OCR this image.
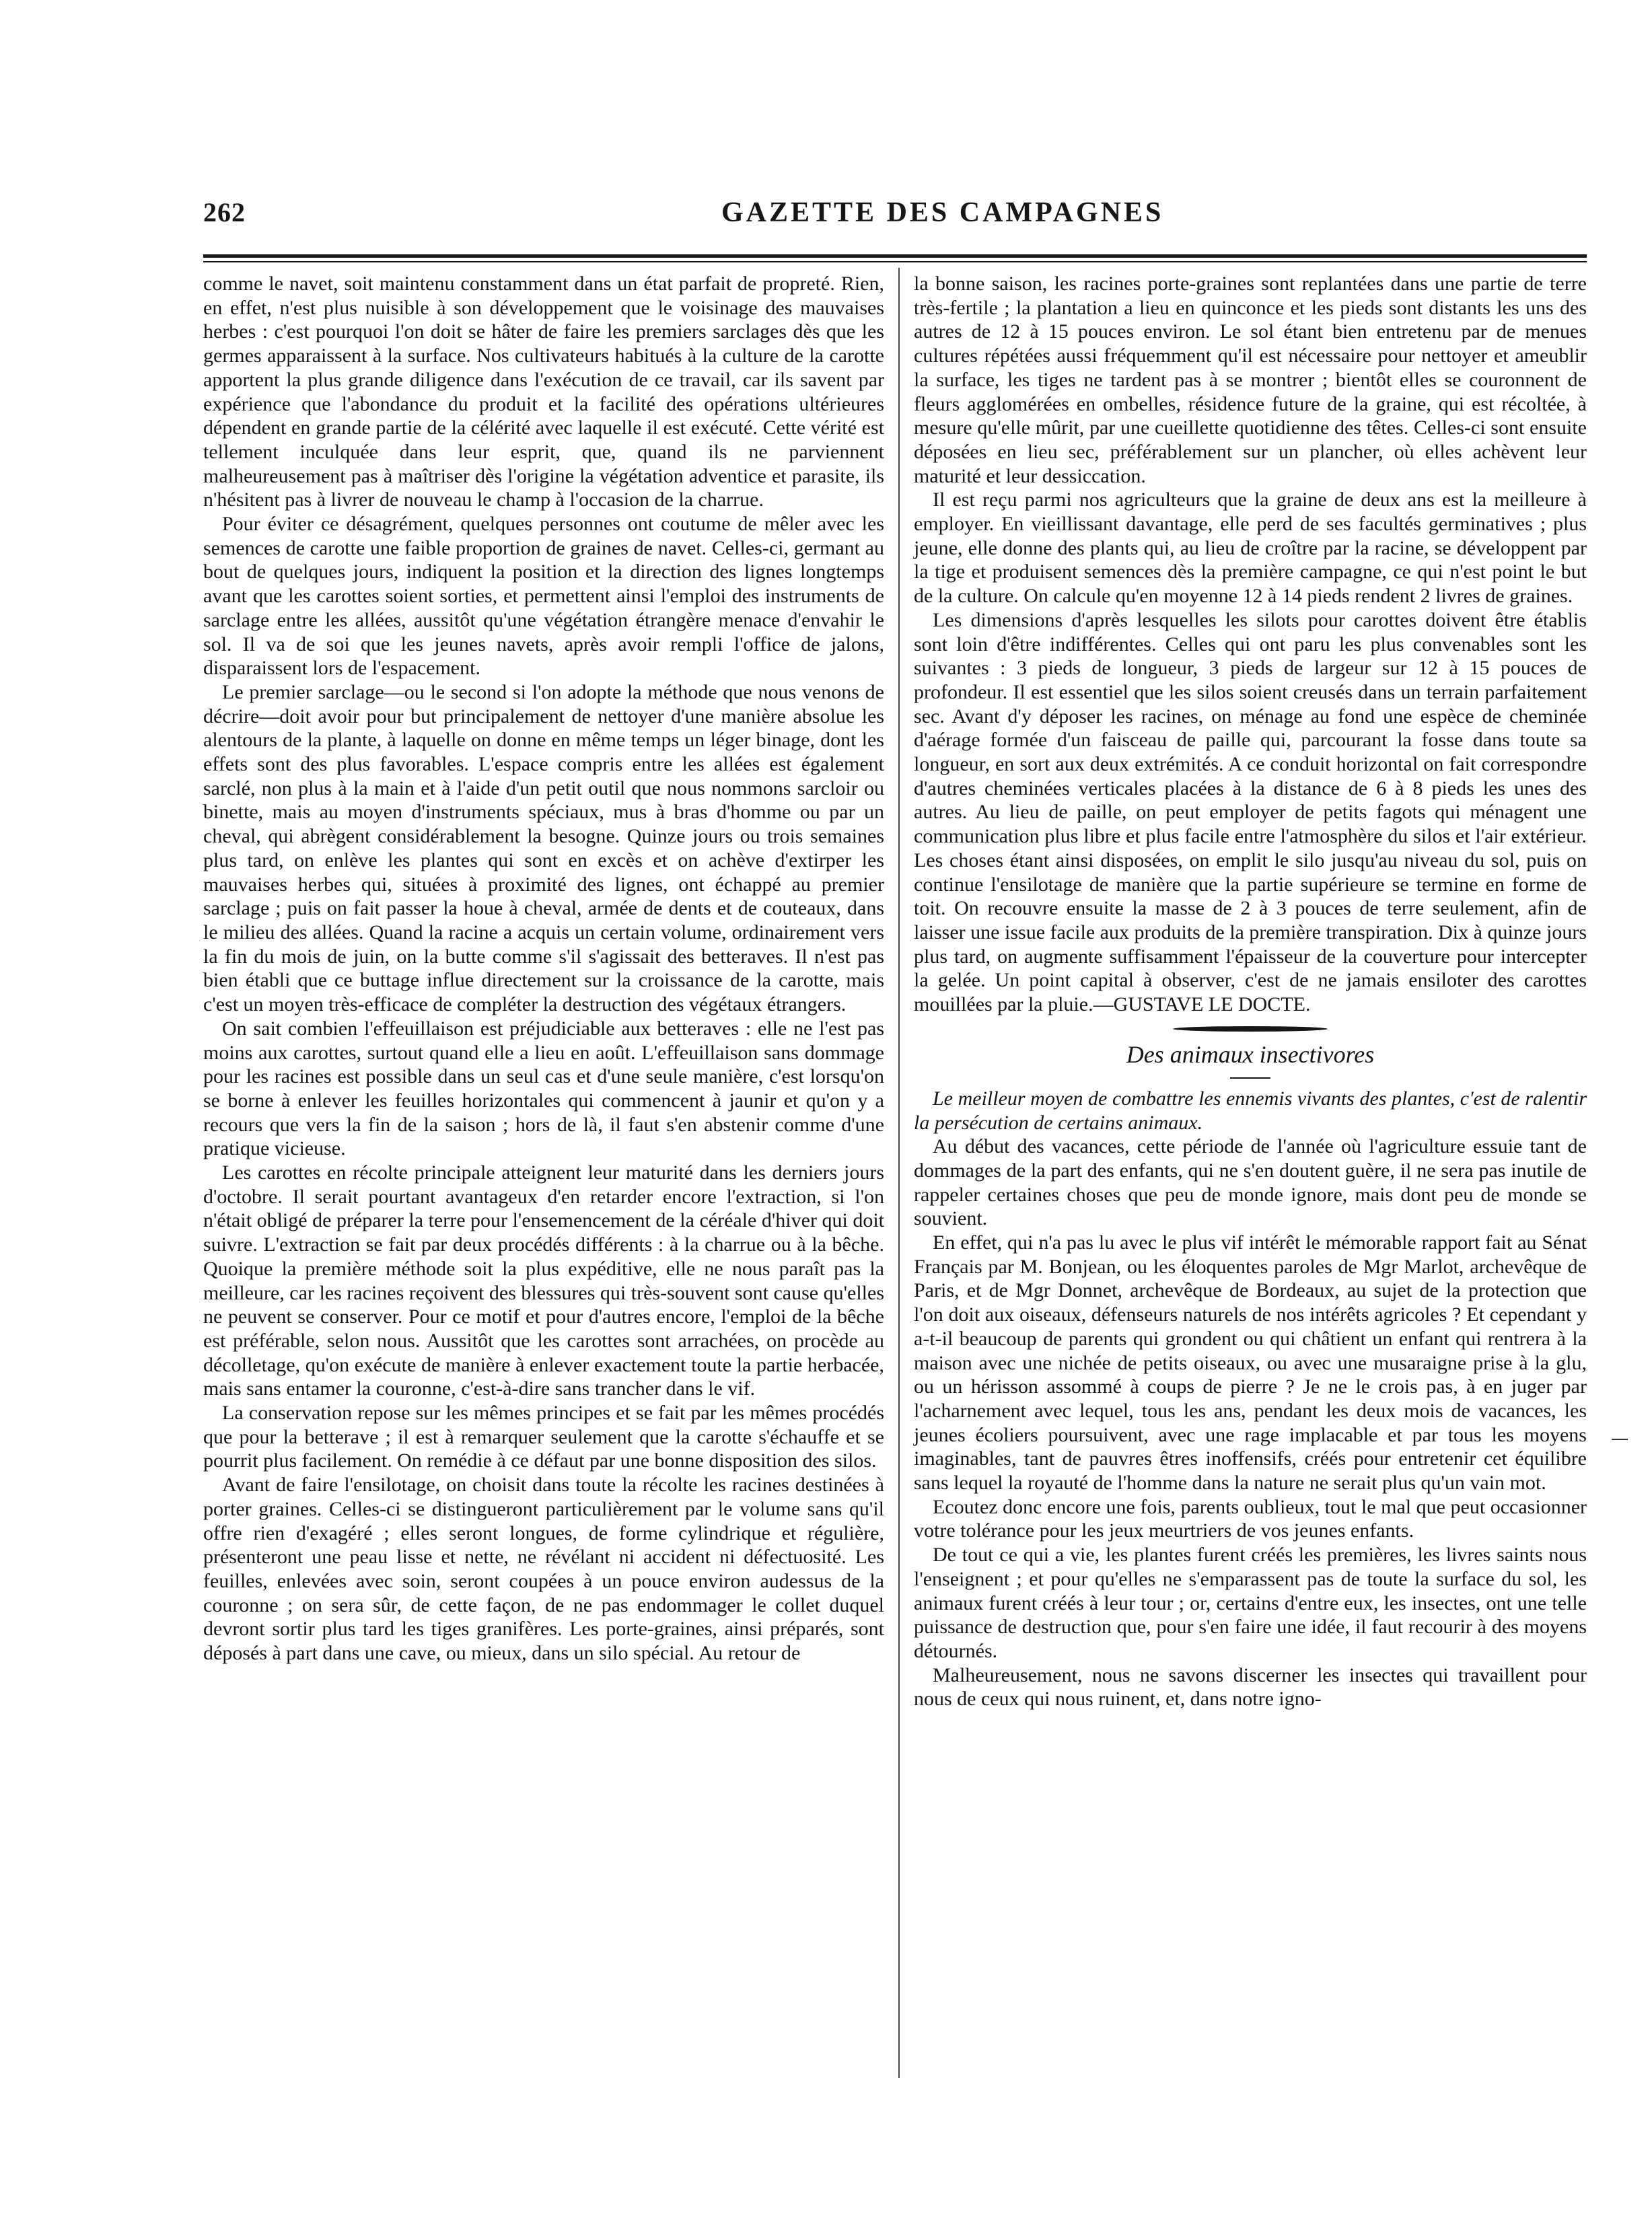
262	GAZETTE DES CAMPAGNES

comme le navet, soit maintenu constamment dans un état parfait de propreté. Rien, en effet, n'est plus nuisible à son développement que le voisinage des mauvaises herbes : c'est pourquoi l'on doit se hâter de faire les premiers sarclages dès que les germes apparaissent à la surface. Nos cultivateurs habitués à la culture de la carotte apportent la plus grande diligence dans l'exécution de ce travail, car ils savent par expérience que l'abondance du produit et la facilité des opérations ultérieures dépendent en grande partie de la célérité avec laquelle il est exécuté. Cette vérité est tellement inculquée dans leur esprit, que, quand ils ne parviennent malheureusement pas à maîtriser dès l'origine la végétation adventice et parasite, ils n'hésitent pas à livrer de nouveau le champ à l'occasion de la charrue.

Pour éviter ce désagrément, quelques personnes ont coutume de mêler avec les semences de carotte une faible proportion de graines de navet. Celles-ci, germant au bout de quelques jours, indiquent la position et la direction des lignes longtemps avant que les carottes soient sorties, et permettent ainsi l'emploi des instruments de sarclage entre les allées, aussitôt qu'une végétation étrangère menace d'envahir le sol. Il va de soi que les jeunes navets, après avoir rempli l'office de jalons, disparaissent lors de l'espacement.

Le premier sarclage—ou le second si l'on adopte la méthode que nous venons de décrire—doit avoir pour but principalement de nettoyer d'une manière absolue les alentours de la plante, à laquelle on donne en même temps un léger binage, dont les effets sont des plus favorables. L'espace compris entre les allées est également sarclé, non plus à la main et à l'aide d'un petit outil que nous nommons sarcloir ou binette, mais au moyen d'instruments spéciaux, mus à bras d'homme ou par un cheval, qui abrègent considérablement la besogne. Quinze jours ou trois semaines plus tard, on enlève les plantes qui sont en excès et on achève d'extirper les mauvaises herbes qui, situées à proximité des lignes, ont échappé au premier sarclage ; puis on fait passer la houe à cheval, armée de dents et de couteaux, dans le milieu des allées. Quand la racine a acquis un certain volume, ordinairement vers la fin du mois de juin, on la butte comme s'il s'agissait des betteraves. Il n'est pas bien établi que ce buttage influe directement sur la croissance de la carotte, mais c'est un moyen très-efficace de compléter la destruction des végétaux étrangers.

On sait combien l'effeuillaison est préjudiciable aux betteraves : elle ne l'est pas moins aux carottes, surtout quand elle a lieu en août. L'effeuillaison sans dommage pour les racines est possible dans un seul cas et d'une seule manière, c'est lorsqu'on se borne à enlever les feuilles horizontales qui commencent à jaunir et qu'on y a recours que vers la fin de la saison ; hors de là, il faut s'en abstenir comme d'une pratique vicieuse.

Les carottes en récolte principale atteignent leur maturité dans les derniers jours d'octobre. Il serait pourtant avantageux d'en retarder encore l'extraction, si l'on n'était obligé de préparer la terre pour l'ensemencement de la céréale d'hiver qui doit suivre. L'extraction se fait par deux procédés différents : à la charrue ou à la bêche. Quoique la première méthode soit la plus expéditive, elle ne nous paraît pas la meilleure, car les racines reçoivent des blessures qui très-souvent sont cause qu'elles ne peuvent se conserver. Pour ce motif et pour d'autres encore, l'emploi de la bêche est préférable, selon nous. Aussitôt que les carottes sont arrachées, on procède au décolletage, qu'on exécute de manière à enlever exactement toute la partie herbacée, mais sans entamer la couronne, c'est-à-dire sans trancher dans le vif.

La conservation repose sur les mêmes principes et se fait par les mêmes procédés que pour la betterave ; il est à remarquer seulement que la carotte s'échauffe et se pourrit plus facilement. On remédie à ce défaut par une bonne disposition des silos.

Avant de faire l'ensilotage, on choisit dans toute la récolte les racines destinées à porter graines. Celles-ci se distingueront particulièrement par le volume sans qu'il offre rien d'exagéré ; elles seront longues, de forme cylindrique et régulière, présenteront une peau lisse et nette, ne révélant ni accident ni défectuosité. Les feuilles, enlevées avec soin, seront coupées à un pouce environ audessus de la couronne ; on sera sûr, de cette façon, de ne pas endommager le collet duquel devront sortir plus tard les tiges granifères. Les porte-graines, ainsi préparés, sont déposés à part dans une cave, ou mieux, dans un silo spécial. Au retour de

la bonne saison, les racines porte-graines sont replantées dans une partie de terre très-fertile ; la plantation a lieu en quinconce et les pieds sont distants les uns des autres de 12 à 15 pouces environ. Le sol étant bien entretenu par de menues cultures répétées aussi fréquemment qu'il est nécessaire pour nettoyer et ameublir la surface, les tiges ne tardent pas à se montrer ; bientôt elles se couronnent de fleurs agglomérées en ombelles, résidence future de la graine, qui est récoltée, à mesure qu'elle mûrit, par une cueillette quotidienne des têtes. Celles-ci sont ensuite déposées en lieu sec, préférablement sur un plancher, où elles achèvent leur maturité et leur dessiccation.

Il est reçu parmi nos agriculteurs que la graine de deux ans est la meilleure à employer. En vieillissant davantage, elle perd de ses facultés germinatives ; plus jeune, elle donne des plants qui, au lieu de croître par la racine, se développent par la tige et produisent semences dès la première campagne, ce qui n'est point le but de la culture. On calcule qu'en moyenne 12 à 14 pieds rendent 2 livres de graines.

Les dimensions d'après lesquelles les silots pour carottes doivent être établis sont loin d'être indifférentes. Celles qui ont paru les plus convenables sont les suivantes : 3 pieds de longueur, 3 pieds de largeur sur 12 à 15 pouces de profondeur. Il est essentiel que les silos soient creusés dans un terrain parfaitement sec. Avant d'y déposer les racines, on ménage au fond une espèce de cheminée d'aérage formée d'un faisceau de paille qui, parcourant la fosse dans toute sa longueur, en sort aux deux extrémités. A ce conduit horizontal on fait correspondre d'autres cheminées verticales placées à la distance de 6 à 8 pieds les unes des autres. Au lieu de paille, on peut employer de petits fagots qui ménagent une communication plus libre et plus facile entre l'atmosphère du silos et l'air extérieur. Les choses étant ainsi disposées, on emplit le silo jusqu'au niveau du sol, puis on continue l'ensilotage de manière que la partie supérieure se termine en forme de toit. On recouvre ensuite la masse de 2 à 3 pouces de terre seulement, afin de laisser une issue facile aux produits de la première transpiration. Dix à quinze jours plus tard, on augmente suffisamment l'épaisseur de la couverture pour intercepter la gelée. Un point capital à observer, c'est de ne jamais ensiloter des carottes mouillées par la pluie.—GUSTAVE LE DOCTE.

Des animaux insectivores

Le meilleur moyen de combattre les ennemis vivants des plantes, c'est de ralentir la persécution de certains animaux.

Au début des vacances, cette période de l'année où l'agriculture essuie tant de dommages de la part des enfants, qui ne s'en doutent guère, il ne sera pas inutile de rappeler certaines choses que peu de monde ignore, mais dont peu de monde se souvient.

En effet, qui n'a pas lu avec le plus vif intérêt le mémorable rapport fait au Sénat Français par M. Bonjean, ou les éloquentes paroles de Mgr Marlot, archevêque de Paris, et de Mgr Donnet, archevêque de Bordeaux, au sujet de la protection que l'on doit aux oiseaux, défenseurs naturels de nos intérêts agricoles ? Et cependant y a-t-il beaucoup de parents qui grondent ou qui châtient un enfant qui rentrera à la maison avec une nichée de petits oiseaux, ou avec une musaraigne prise à la glu, ou un hérisson assommé à coups de pierre ? Je ne le crois pas, à en juger par l'acharnement avec lequel, tous les ans, pendant les deux mois de vacances, les jeunes écoliers poursuivent, avec une rage implacable et par tous les moyens imaginables, tant de pauvres êtres inoffensifs, créés pour entretenir cet équilibre sans lequel la royauté de l'homme dans la nature ne serait plus qu'un vain mot.

Ecoutez donc encore une fois, parents oublieux, tout le mal que peut occasionner votre tolérance pour les jeux meurtriers de vos jeunes enfants.

De tout ce qui a vie, les plantes furent créés les premières, les livres saints nous l'enseignent ; et pour qu'elles ne s'emparassent pas de toute la surface du sol, les animaux furent créés à leur tour ; or, certains d'entre eux, les insectes, ont une telle puissance de destruction que, pour s'en faire une idée, il faut recourir à des moyens détournés.

Malheureusement, nous ne savons discerner les insectes qui travaillent pour nous de ceux qui nous ruinent, et, dans notre igno-
